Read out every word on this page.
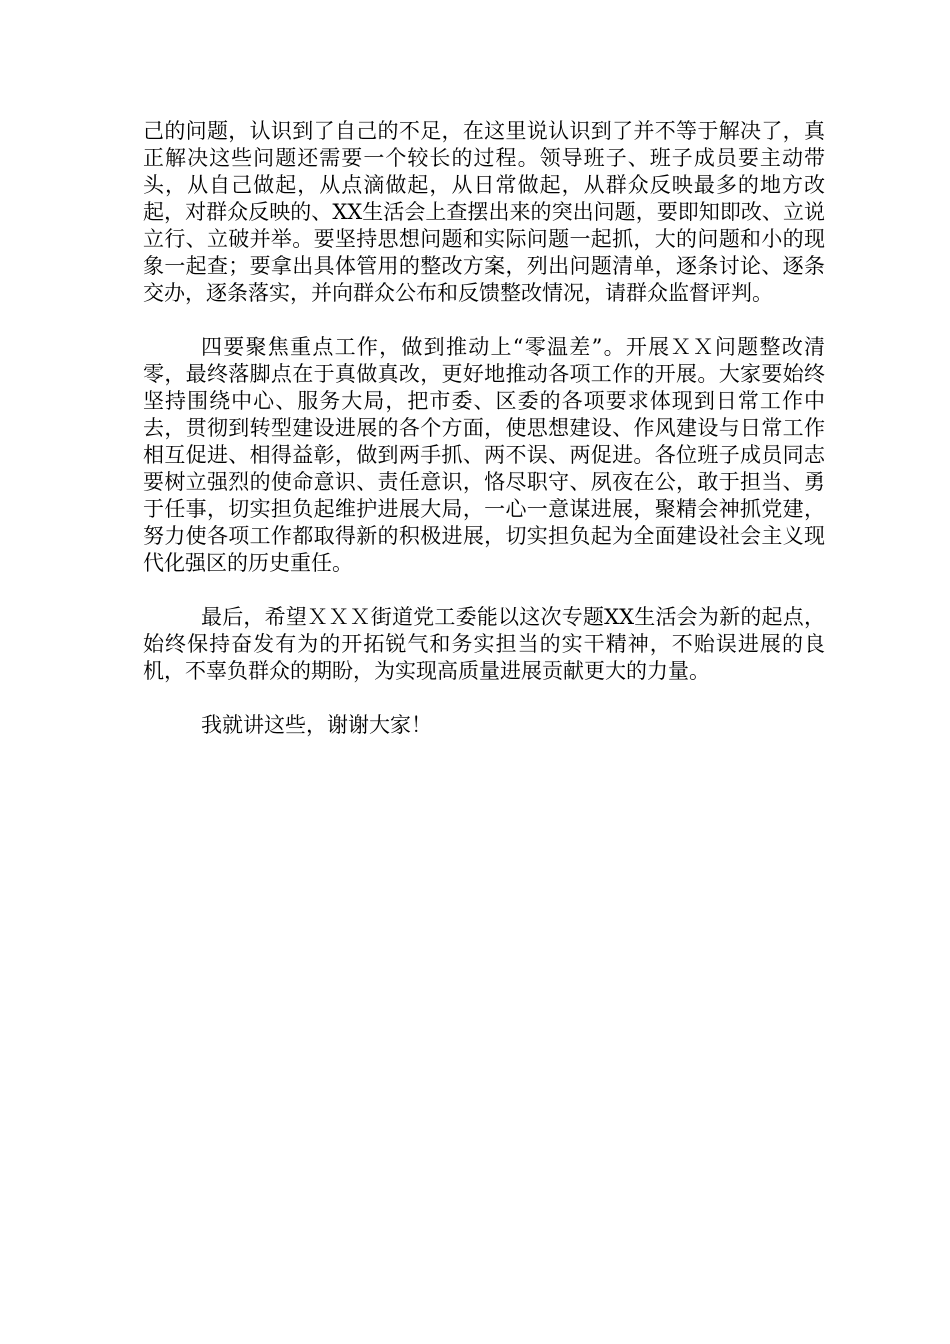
己的问题，认识到了自己的不足，在这里说认识到了并不等于解决了，真正解决这些问题还需要一个较长的过程。领导班子、班子成员要主动带头，从自己做起，从点滴做起，从日常做起，从群众反映最多的地方改起，对群众反映的、XX生活会上查摆出来的突出问题，要即知即改、立说立行、立破并举。要坚持思想问题和实际问题一起抓，大的问题和小的现象一起查；要拿出具体管用的整改方案，列出问题清单，逐条讨论、逐条交办，逐条落实，并向群众公布和反馈整改情况，请群众监督评判。

四要聚焦重点工作，做到推动上“零温差”。开展ＸＸ问题整改清零，最终落脚点在于真做真改，更好地推动各项工作的开展。大家要始终坚持围绕中心、服务大局，把市委、区委的各项要求体现到日常工作中去，贯彻到转型建设进展的各个方面，使思想建设、作风建设与日常工作相互促进、相得益彰，做到两手抓、两不误、两促进。各位班子成员同志要树立强烈的使命意识、责任意识，恪尽职守、夙夜在公，敢于担当、勇于任事，切实担负起维护进展大局，一心一意谋进展，聚精会神抓党建，努力使各项工作都取得新的积极进展，切实担负起为全面建设社会主义现代化强区的历史重任。

最后，希望ＸＸＸ街道党工委能以这次专题XX生活会为新的起点，始终保持奋发有为的开拓锐气和务实担当的实干精神，不贻误进展的良机，不辜负群众的期盼，为实现高质量进展贡献更大的力量。

我就讲这些，谢谢大家！
